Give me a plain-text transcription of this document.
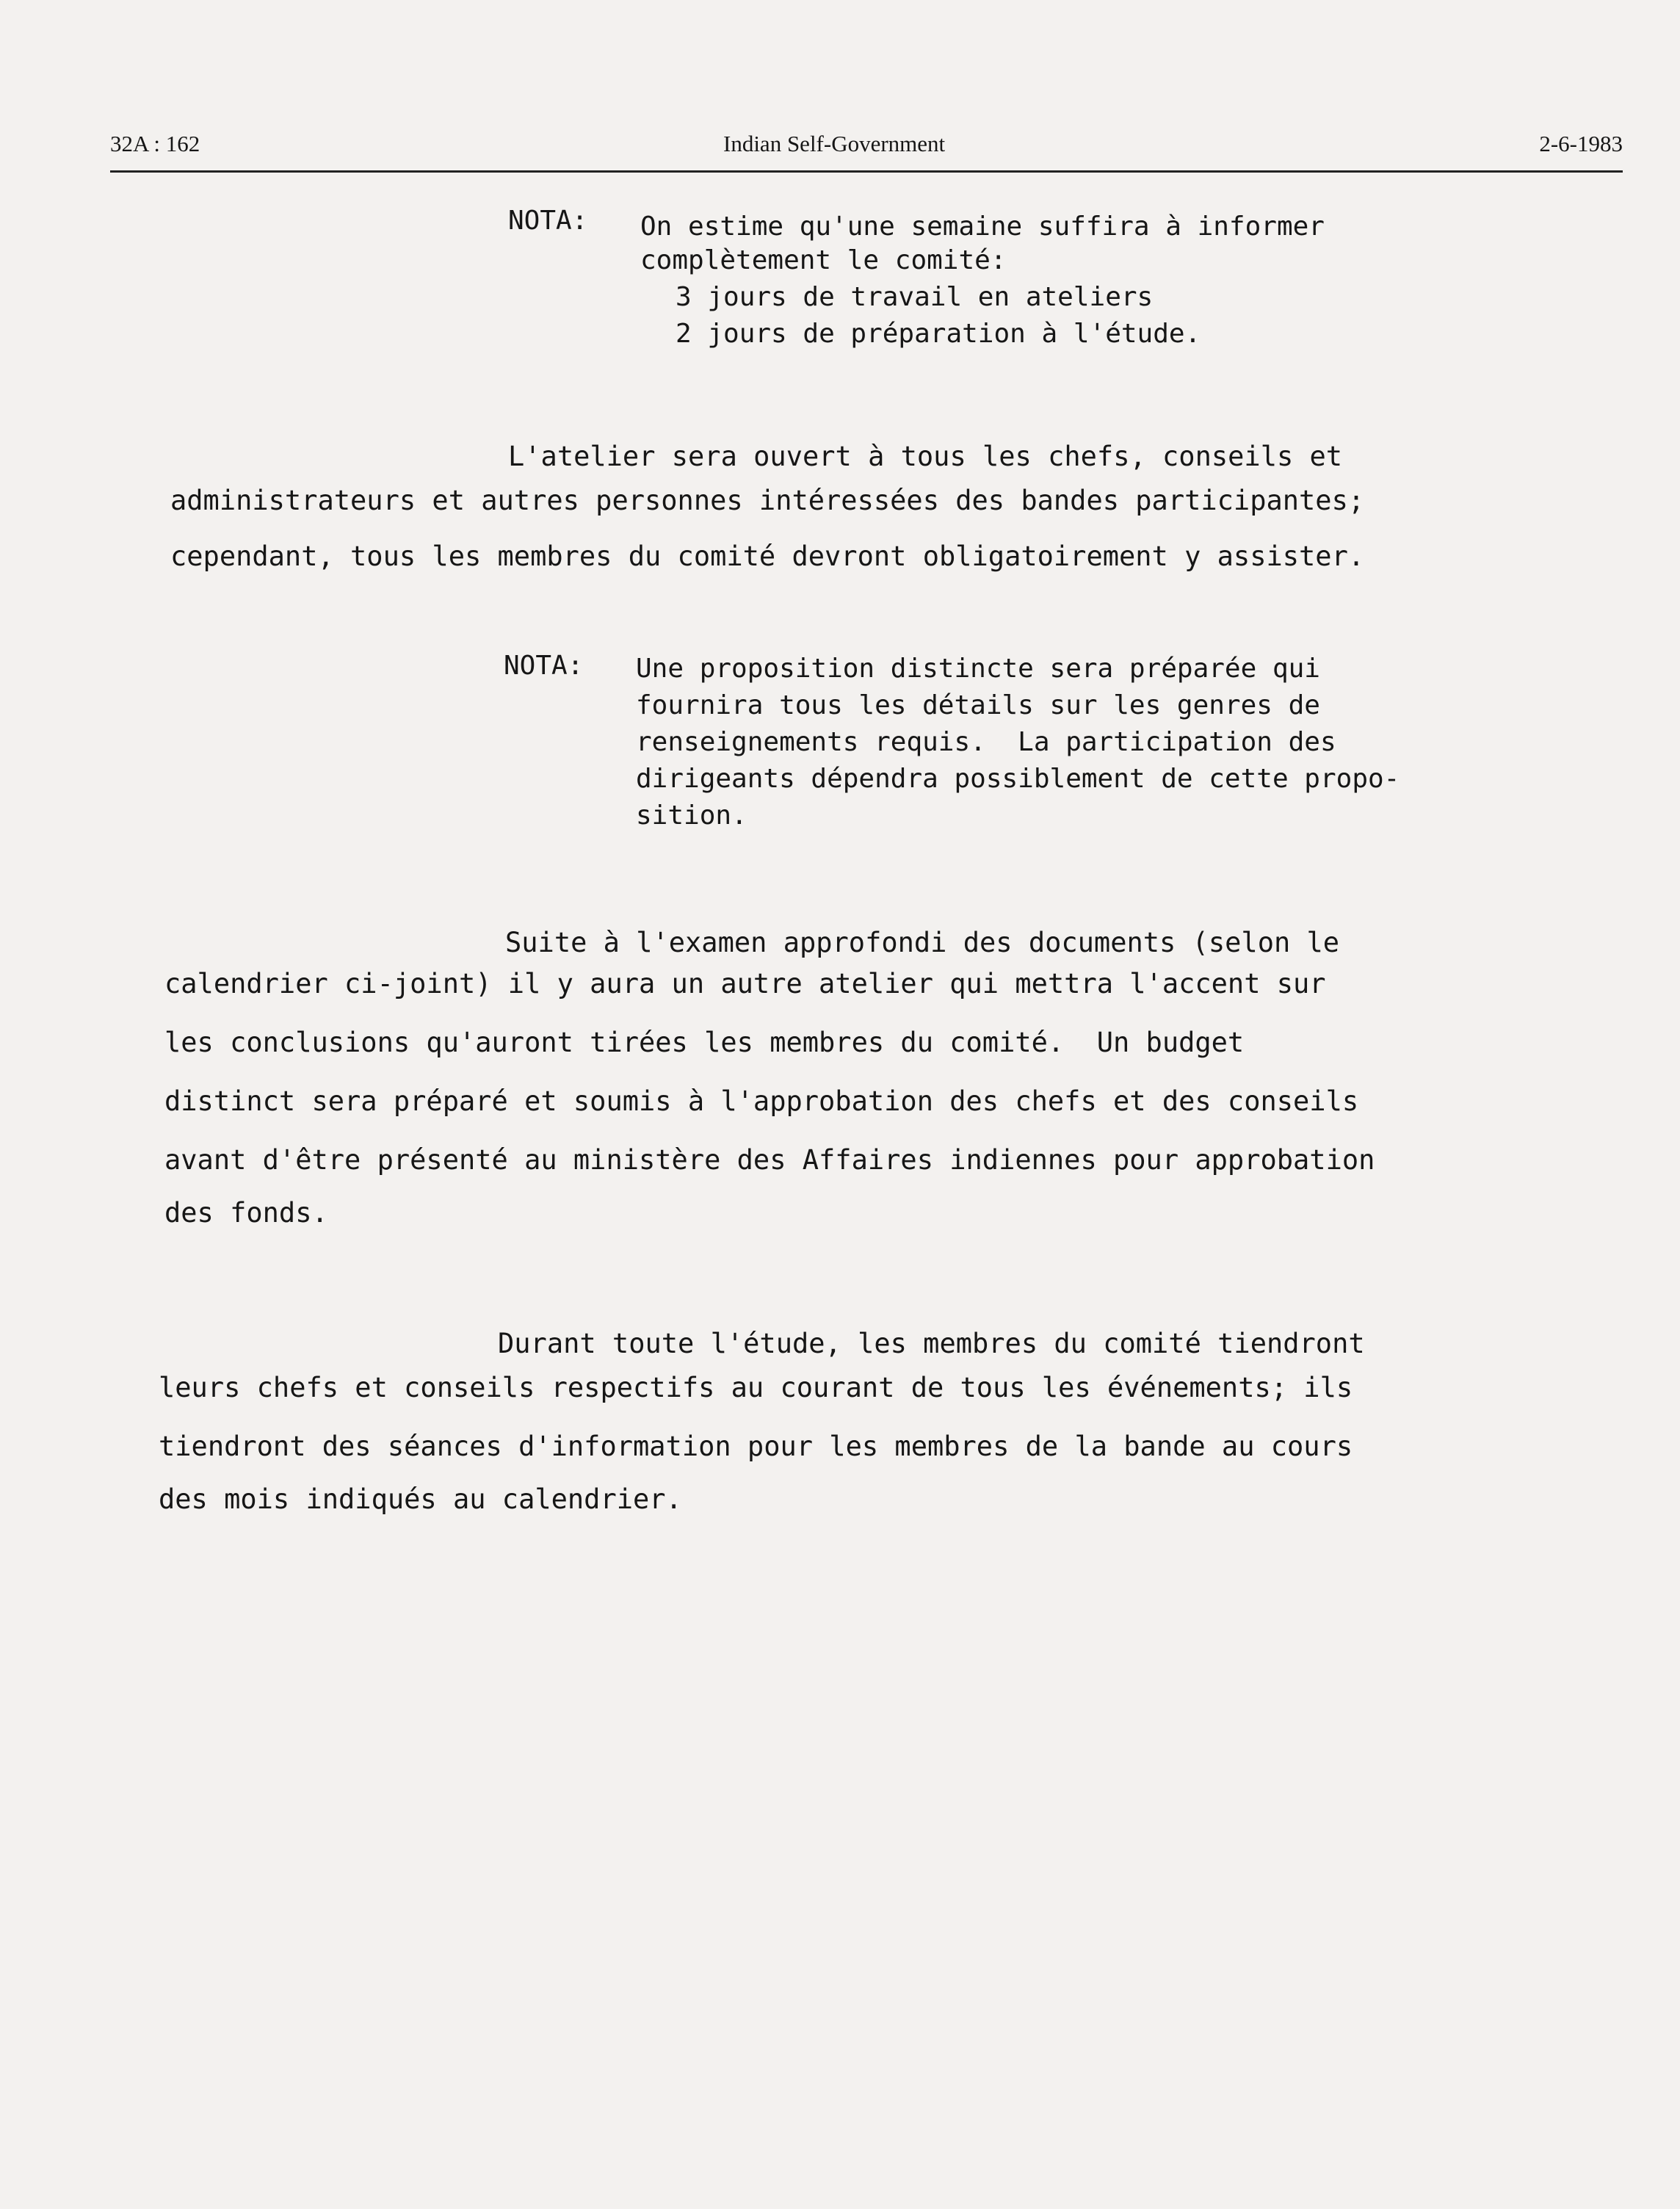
32A : 162	Indian Self-Government	2-6-1983
NOTA: On estime qu'une semaine suffira à informer
complètement le comité:
3 jours de travail en ateliers
2 jours de préparation à l'étude.
L'atelier sera ouvert à tous les chefs, conseils et
administrateurs et autres personnes intéressées des bandes participantes;
cependant, tous les membres du comité devront obligatoirement y assister.
NOTA: Une proposition distincte sera préparée qui
fournira tous les détails sur les genres de
renseignements requis.  La participation des
dirigeants dépendra possiblement de cette propo-
sition.
Suite à l'examen approfondi des documents (selon le
calendrier ci-joint) il y aura un autre atelier qui mettra l'accent sur
les conclusions qu'auront tirées les membres du comité.  Un budget
distinct sera préparé et soumis à l'approbation des chefs et des conseils
avant d'être présenté au ministère des Affaires indiennes pour approbation
des fonds.
Durant toute l'étude, les membres du comité tiendront
leurs chefs et conseils respectifs au courant de tous les événements; ils
tiendront des séances d'information pour les membres de la bande au cours
des mois indiqués au calendrier.
